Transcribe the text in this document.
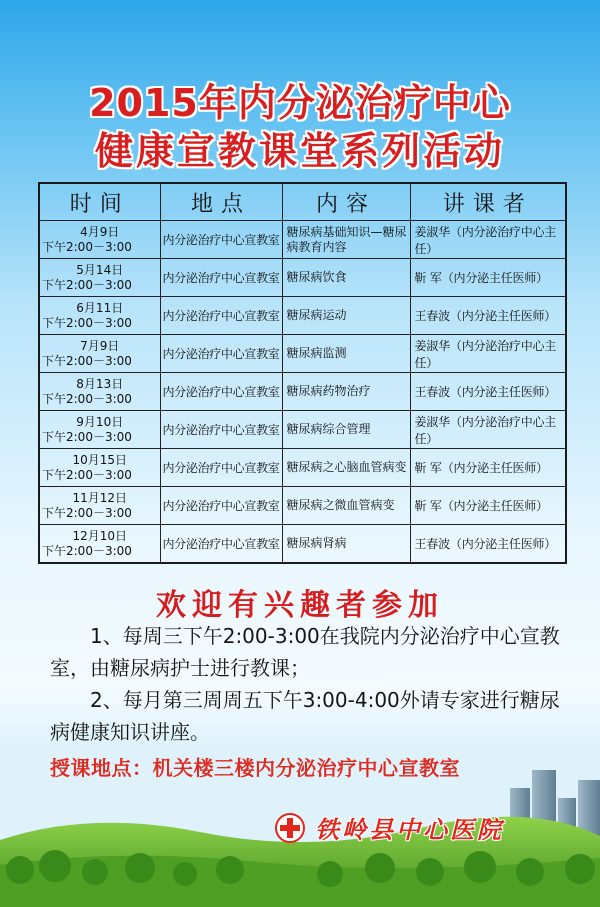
2015年内分泌治疗中心
健康宣教课堂系列活动
时间	地点	内容	讲课者

4月9日
下午2:00－3:00	内分泌治疗中心宣教室	糖尿病基础知识—糖尿病教育内容	姜淑华（内分泌治疗中心主任）

5月14日
下午2:00－3:00	内分泌治疗中心宣教室	糖尿病饮食	靳 军（内分泌主任医师）

6月11日
下午2:00－3:00	内分泌治疗中心宣教室	糖尿病运动	王春波（内分泌主任医师）

7月9日
下午2:00－3:00	内分泌治疗中心宣教室	糖尿病监测	姜淑华（内分泌治疗中心主任）

8月13日
下午2:00－3:00	内分泌治疗中心宣教室	糖尿病药物治疗	王春波（内分泌主任医师）

9月10日
下午2:00－3:00	内分泌治疗中心宣教室	糖尿病综合管理	姜淑华（内分泌治疗中心主任）

10月15日
下午2:00－3:00	内分泌治疗中心宣教室	糖尿病之心脑血管病变	靳 军（内分泌主任医师）

11月12日
下午2:00－3:00	内分泌治疗中心宣教室	糖尿病之微血管病变	靳 军（内分泌主任医师）

12月10日
下午2:00－3:00	内分泌治疗中心宣教室	糖尿病肾病	王春波（内分泌主任医师）
欢迎有兴趣者参加
1、每周三下午2:00-3:00在我院内分泌治疗中心宣教室，由糖尿病护士进行教课；
2、每月第三周周五下午3:00-4:00外请专家进行糖尿病健康知识讲座。
授课地点：机关楼三楼内分泌治疗中心宣教室
铁岭县中心医院
